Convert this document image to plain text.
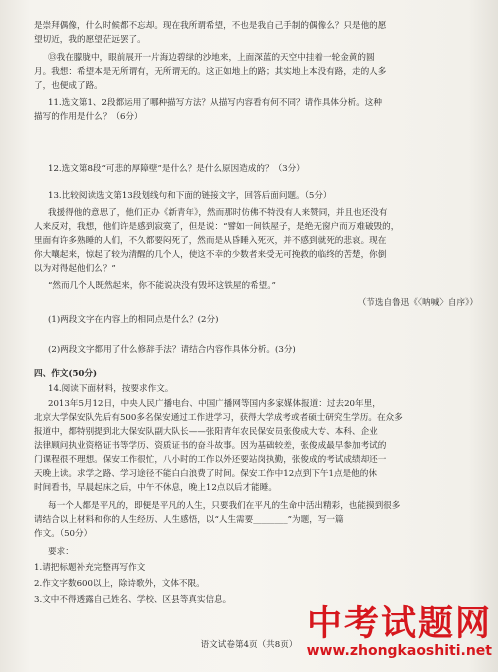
是崇拜偶像，什么时候都不忘却。现在我所谓希望，不也是我自己手制的偶像么？只是他的愿
望切近，我的愿望茫远罢了。
⑬我在朦胧中，眼前展开一片海边碧绿的沙地来，上面深蓝的天空中挂着一轮金黄的圆
月。我想：希望本是无所谓有，无所谓无的。这正如地上的路；其实地上本没有路，走的人多
了，也便成了路。
11.选文第1、2段都运用了哪种描写方法？从描写内容看有何不同？请作具体分析。这种
描写的作用是什么？（6分）
12.选文第8段“可悲的厚障壁”是什么？是什么原因造成的？（3分）
13.比较阅读选文第13段划线句和下面的链接文字，回答后面问题。（5分）
我援得他的意思了，他们正办《新青年》，然而那时仿佛不特没有人来赞同，并且也还没有
人来反对，我想，他们许是感到寂寞了，但是说：“譬如一间铁屋子，是绝无窗户而万难破毁的，
里面有许多熟睡的人们，不久都要闷死了，然而是从昏睡入死灭，并不感到就死的悲哀。现在
你大嚷起来，惊起了较为清醒的几个人，使这不幸的少数者来受无可挽救的临终的苦楚，你倒
以为对得起他们么？”
“然而几个人既然起来，你不能说决没有毁坏这铁屋的希望。”
（节选自鲁迅《〈呐喊〉自序》）
(1)两段文字在内容上的相同点是什么？(2分)
(2)两段文字都用了什么修辞手法？请结合内容作具体分析。(3分)
四、作文(50分)
14.阅读下面材料，按要求作文。
2013年5月12日，中央人民广播电台、中国广播网等国内多家媒体报道：过去20年里，
北京大学保安队先后有500多名保安通过工作进学习，获得大学成考或者硕士研究生学历。在众多
报道中，都特别提到北大保安队副大队长——张阳青年农民保安员张俊成大专、本科、企业
法律顾问执业资格证书等学历、资质证书的奋斗故事。因为基础较差，张俊成最早参加考试的
门课程很不理想。保安工作很忙，八小时的工作以外还要站岗执勤，张俊成的考试成绩却还一
天晚上读。求学之路、学习途径不能白白浪费了时间。保安工作中12点到下午1点是他的休
时间看书，早晨起床之后，中午不休息，晚上12点以后才能睡。
每一个人都是平凡的，即便是平凡的人生，只要我们在平凡的生命中活出精彩，也能摸到很多
请结合以上材料和你的人生经历、人生感悟，以“人生需要________”为题，写一篇
作文。（50分）
要求：
1.请把标题补充完整再写作文
2.作文字数600以上，除诗歌外，文体不限。
3.文中不得透露自己姓名、学校、区县等真实信息。
中考试题网
www.zhongkaoshiti.net
语文试卷第4页（共8页）
